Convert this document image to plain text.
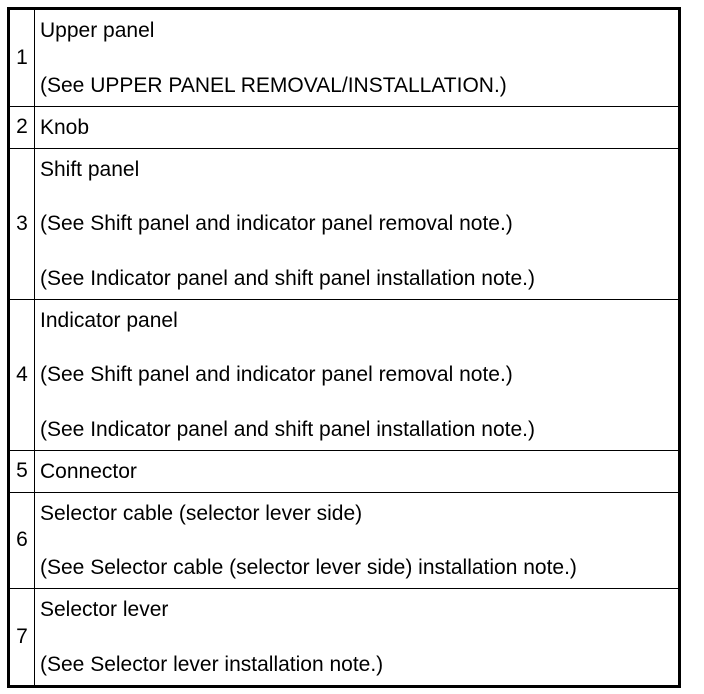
1	Upper panel
(See UPPER PANEL REMOVAL/INSTALLATION.)

2	Knob

3	Shift panel
(See Shift panel and indicator panel removal note.)
(See Indicator panel and shift panel installation note.)

4	Indicator panel
(See Shift panel and indicator panel removal note.)
(See Indicator panel and shift panel installation note.)

5	Connector

6	Selector cable (selector lever side)
(See Selector cable (selector lever side) installation note.)

7	Selector lever
(See Selector lever installation note.)
